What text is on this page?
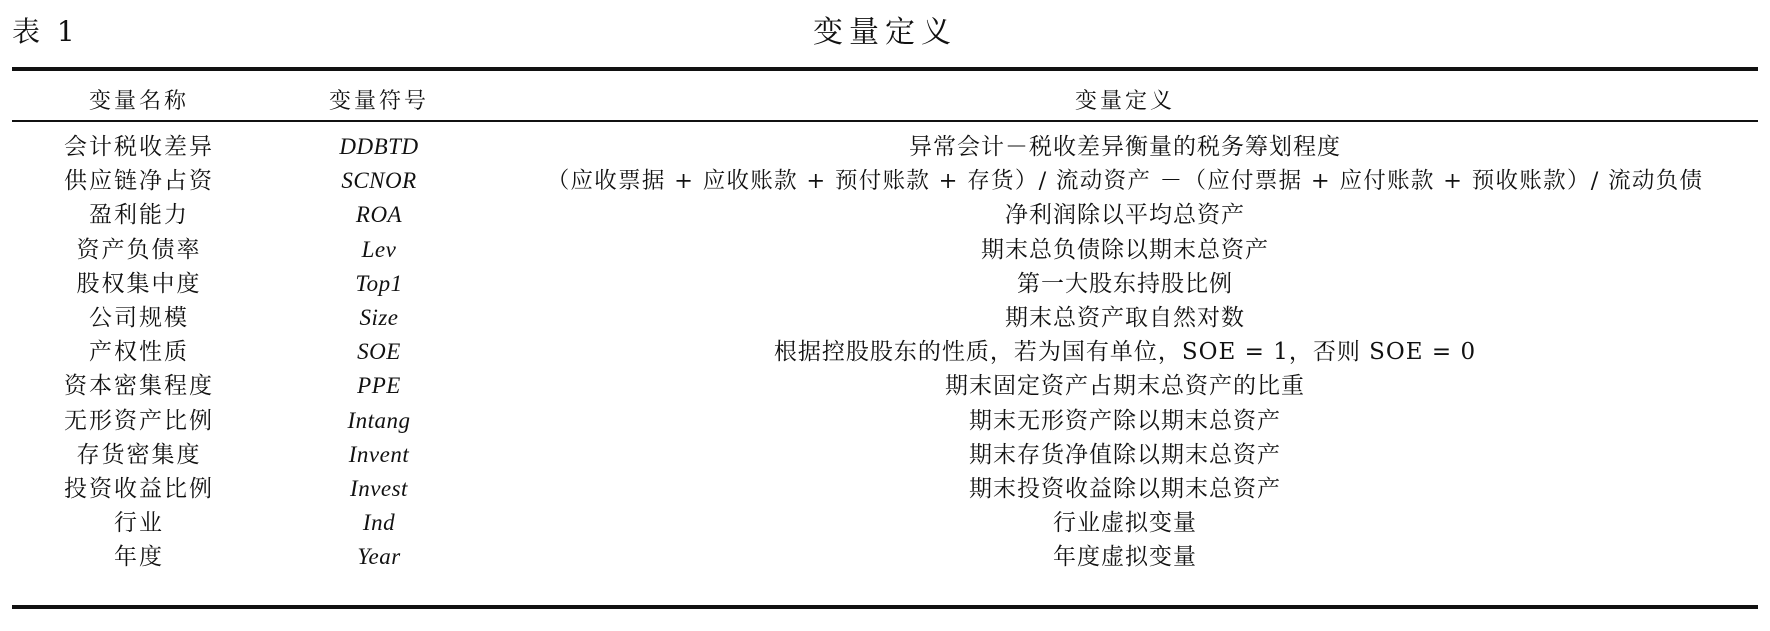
表 1	变量定义
变量名称	变量符号	变量定义

会计税收差异	DDBTD	异常会计－税收差异衡量的税务筹划程度
供应链净占资	SCNOR	（应收票据 + 应收账款 + 预付账款 + 存货）/ 流动资产 －（应付票据 + 应付账款 + 预收账款）/ 流动负债
盈利能力	ROA	净利润除以平均总资产
资产负债率	Lev	期末总负债除以期末总资产
股权集中度	Top1	第一大股东持股比例
公司规模	Size	期末总资产取自然对数
产权性质	SOE	根据控股股东的性质，若为国有单位，SOE = 1，否则 SOE = 0
资本密集程度	PPE	期末固定资产占期末总资产的比重
无形资产比例	Intang	期末无形资产除以期末总资产
存货密集度	Invent	期末存货净值除以期末总资产
投资收益比例	Invest	期末投资收益除以期末总资产
行业	Ind	行业虚拟变量
年度	Year	年度虚拟变量
